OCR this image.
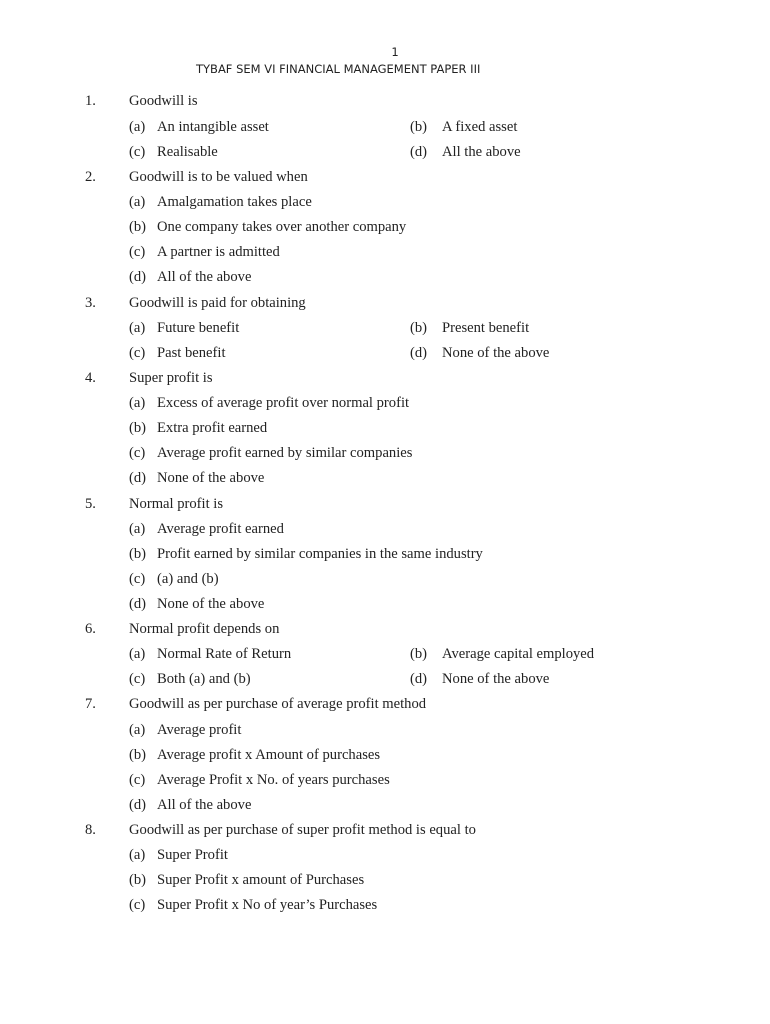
1
TYBAF SEM VI FINANCIAL MANAGEMENT PAPER III
1. Goodwill is
(a) An intangible asset	(b) A fixed asset
(c) Realisable	(d) All the above
2. Goodwill is to be valued when
(a) Amalgamation takes place
(b) One company takes over another company
(c) A partner is admitted
(d) All of the above
3. Goodwill is paid for obtaining
(a) Future benefit	(b) Present benefit
(c) Past benefit	(d) None of the above
4. Super profit is
(a) Excess of average profit over normal profit
(b) Extra profit earned
(c) Average profit earned by similar companies
(d) None of the above
5. Normal profit is
(a) Average profit earned
(b) Profit earned by similar companies in the same industry
(c) (a) and (b)
(d) None of the above
6. Normal profit depends on
(a) Normal Rate of Return	(b) Average capital employed
(c) Both (a) and (b)	(d) None of the above
7. Goodwill as per purchase of average profit method
(a) Average profit
(b) Average profit x Amount of purchases
(c) Average Profit x No. of years purchases
(d) All of the above
8. Goodwill as per purchase of super profit method is equal to
(a) Super Profit
(b) Super Profit x amount of Purchases
(c) Super Profit x No of year’s Purchases
